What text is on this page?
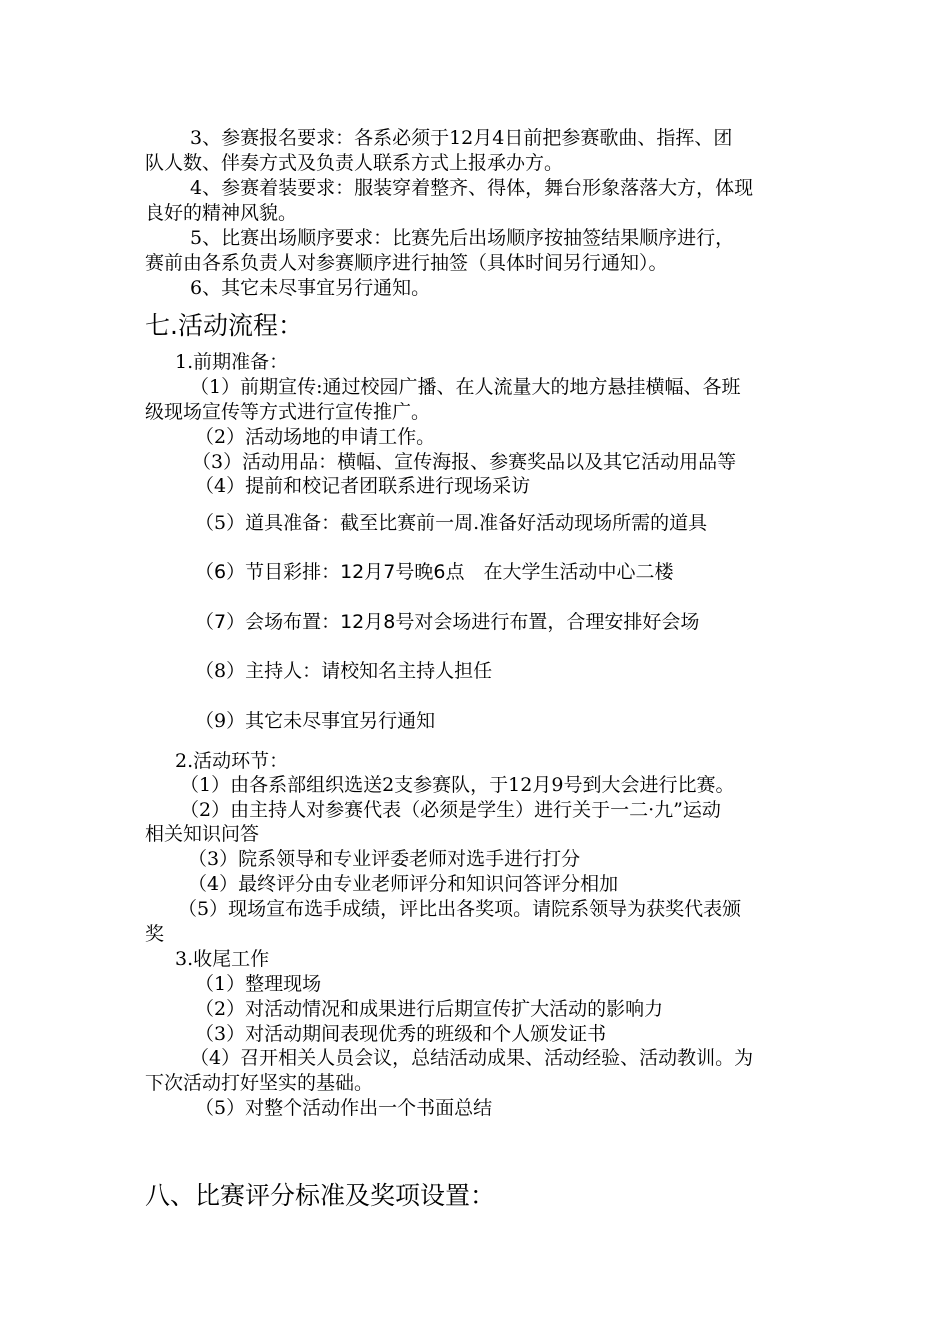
3、参赛报名要求：各系必须于12月4日前把参赛歌曲、指挥、团
队人数、伴奏方式及负责人联系方式上报承办方。
4、参赛着装要求：服装穿着整齐、得体，舞台形象落落大方，体现
良好的精神风貌。
5、比赛出场顺序要求：比赛先后出场顺序按抽签结果顺序进行，
赛前由各系负责人对参赛顺序进行抽签（具体时间另行通知）。
6、其它未尽事宜另行通知。
七.活动流程：
1.前期准备：
（1）前期宣传:通过校园广播、在人流量大的地方悬挂横幅、各班
级现场宣传等方式进行宣传推广。
（2）活动场地的申请工作。
（3）活动用品：横幅、宣传海报、参赛奖品以及其它活动用品等
（4）提前和校记者团联系进行现场采访
（5）道具准备：截至比赛前一周.准备好活动现场所需的道具
（6）节目彩排：12月7号晚6点　在大学生活动中心二楼
（7）会场布置：12月8号对会场进行布置，合理安排好会场
（8）主持人：请校知名主持人担任
（9）其它未尽事宜另行通知
2.活动环节：
（1）由各系部组织选送2支参赛队，于12月9号到大会进行比赛。
（2）由主持人对参赛代表（必须是学生）进行关于一二·九”运动
相关知识问答
（3）院系领导和专业评委老师对选手进行打分
（4）最终评分由专业老师评分和知识问答评分相加
（5）现场宣布选手成绩，评比出各奖项。请院系领导为获奖代表颁
奖
3.收尾工作
（1）整理现场
（2）对活动情况和成果进行后期宣传扩大活动的影响力
（3）对活动期间表现优秀的班级和个人颁发证书
（4）召开相关人员会议，总结活动成果、活动经验、活动教训。为
下次活动打好坚实的基础。
（5）对整个活动作出一个书面总结
八、比赛评分标准及奖项设置：
